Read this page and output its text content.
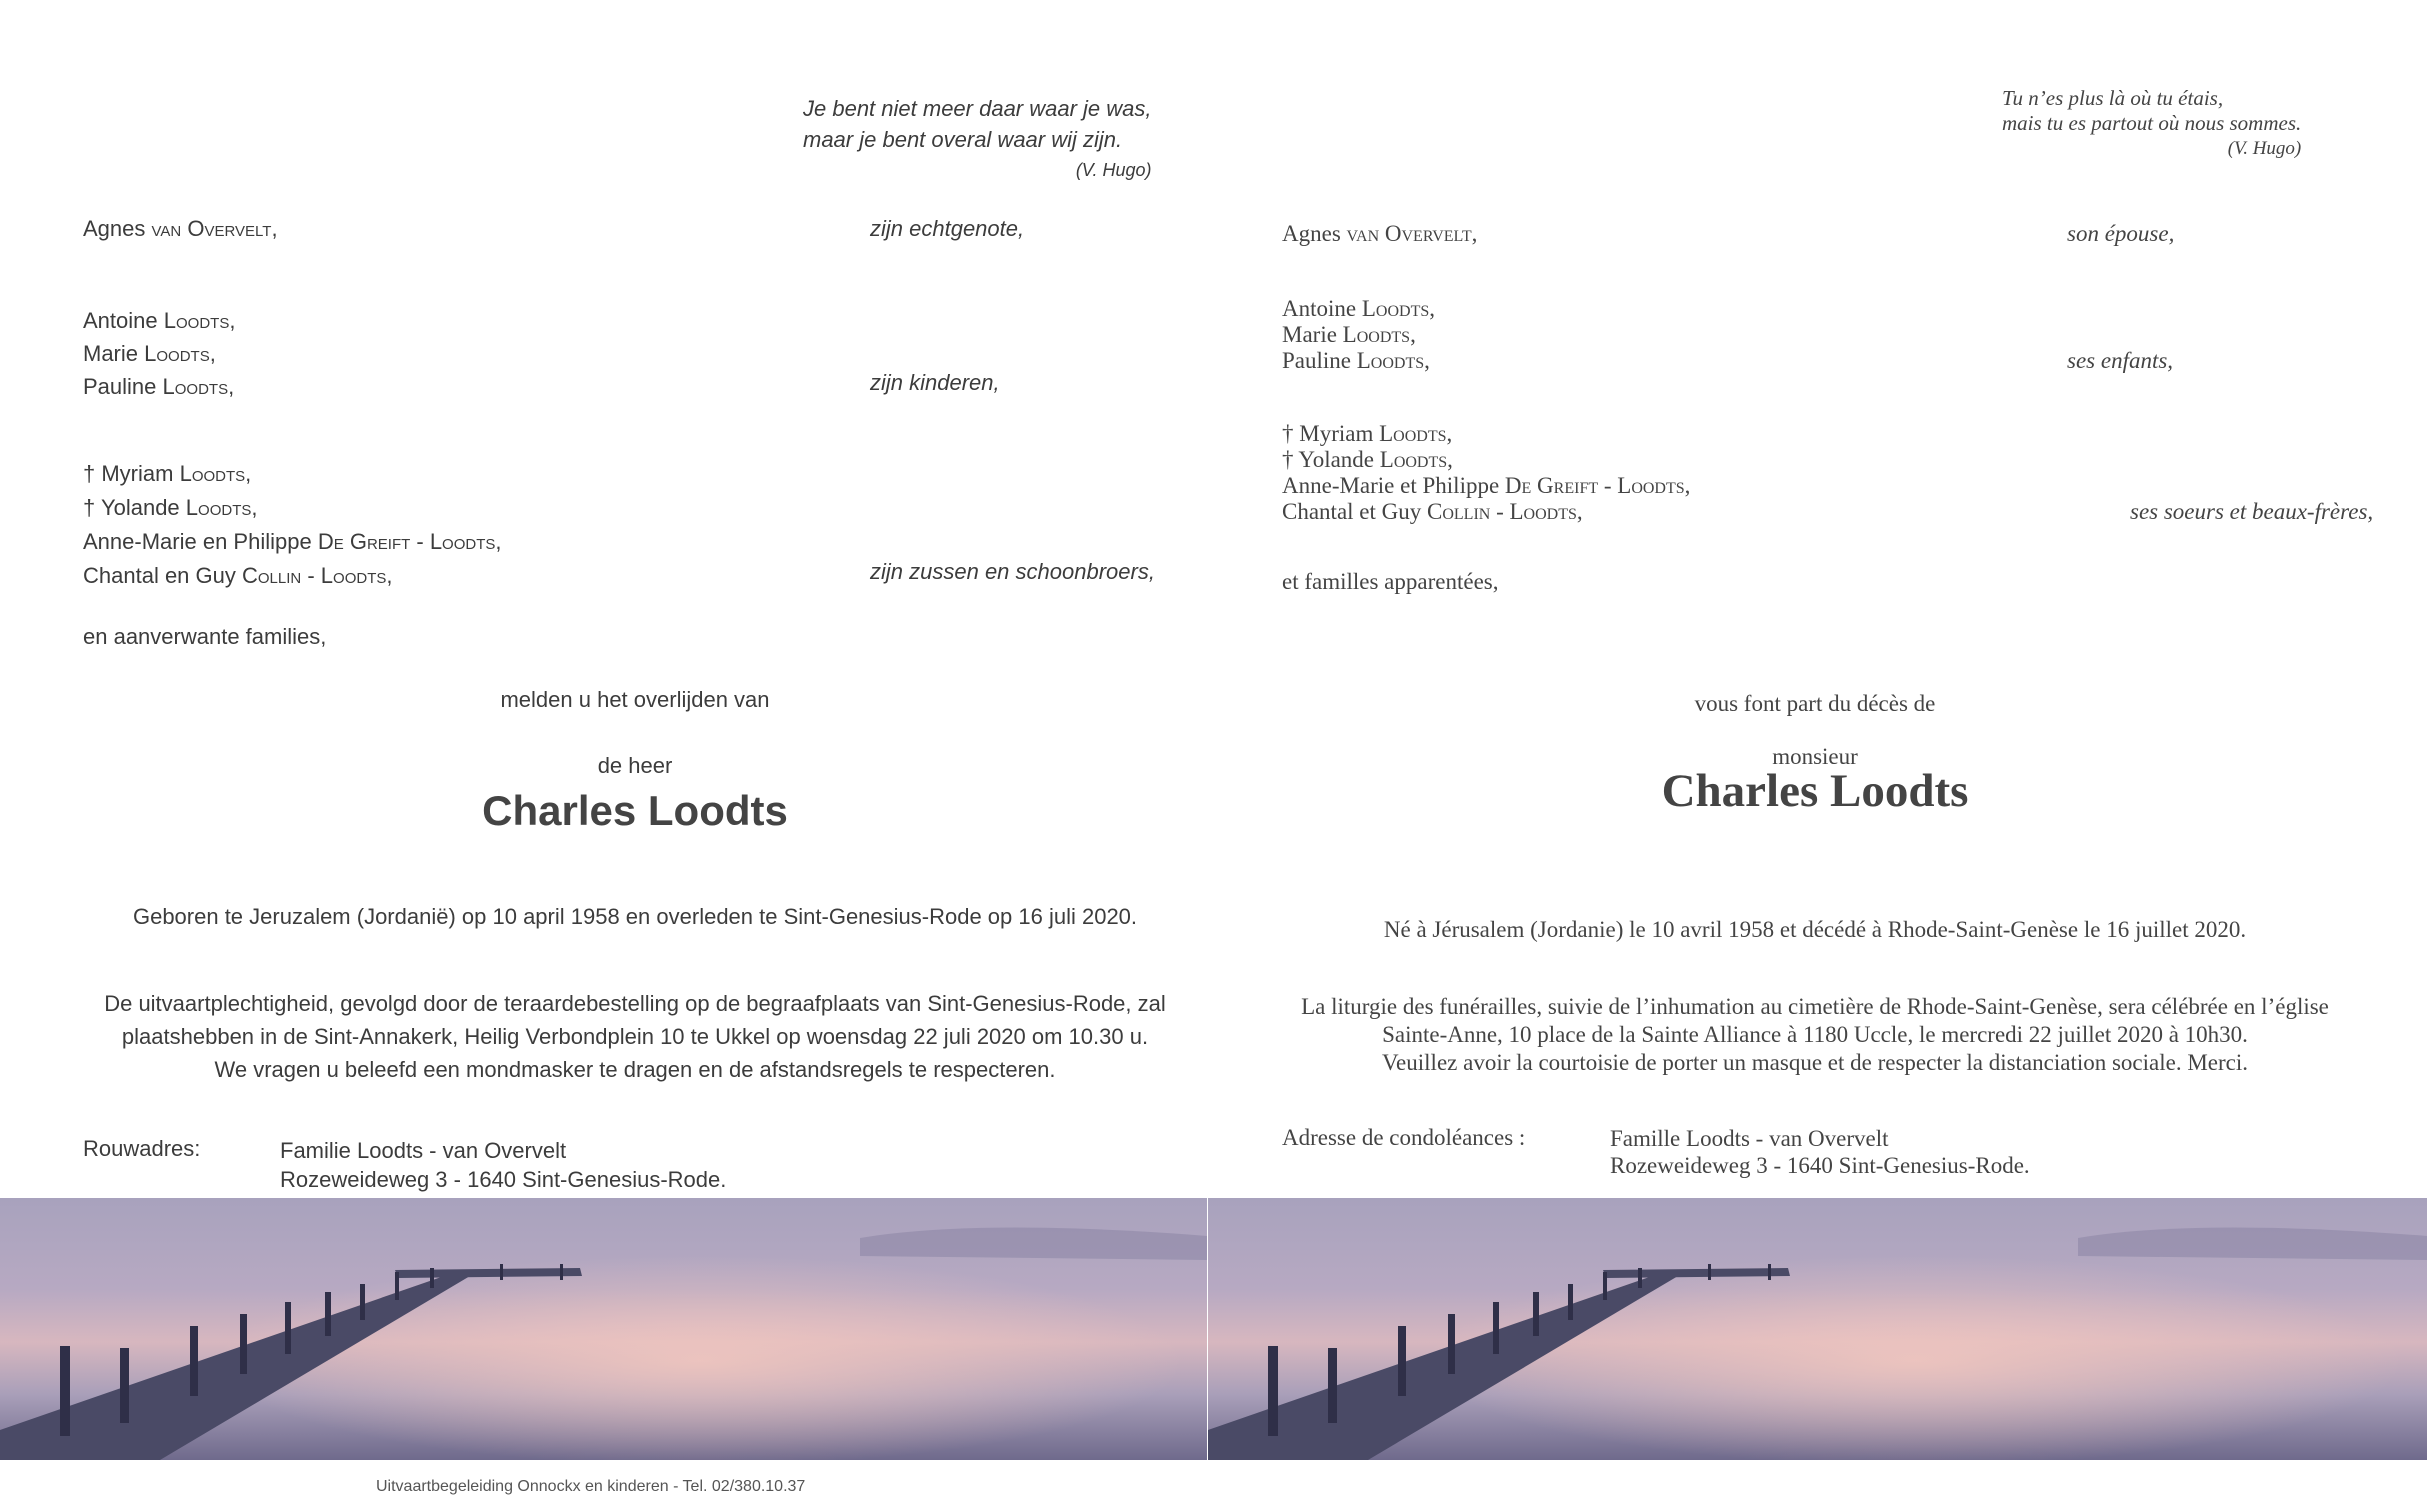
Je bent niet meer daar waar je was,
maar je bent overal waar wij zijn.
(V. Hugo)
Agnes van Overvelt,	zijn echtgenote,
Antoine Loodts,
Marie Loodts,
Pauline Loodts,	zijn kinderen,
† Myriam Loodts,
† Yolande Loodts,
Anne-Marie en Philippe De Greift - Loodts,
Chantal en Guy Collin - Loodts,	zijn zussen en schoonbroers,
en aanverwante families,
melden u het overlijden van
de heer
Charles Loodts
Geboren te Jeruzalem (Jordanië) op 10 april 1958 en overleden te Sint-Genesius-Rode op 16 juli 2020.
De uitvaartplechtigheid, gevolgd door de teraardebestelling op de begraafplaats van Sint-Genesius-Rode, zal
plaatshebben in de Sint-Annakerk, Heilig Verbondplein 10 te Ukkel op woensdag 22 juli 2020 om 10.30 u.
We vragen u beleefd een mondmasker te dragen en de afstandsregels te respecteren.
Rouwadres:	Familie Loodts - van Overvelt
Rozeweideweg 3 - 1640 Sint-Genesius-Rode.
Tu n’es plus là où tu étais,
mais tu es partout où nous sommes.
(V. Hugo)
Agnes van Overvelt,	son épouse,
Antoine Loodts,
Marie Loodts,
Pauline Loodts,	ses enfants,
† Myriam Loodts,
† Yolande Loodts,
Anne-Marie et Philippe De Greift - Loodts,
Chantal et Guy Collin - Loodts,	ses soeurs et beaux-frères,
et familles apparentées,
vous font part du décès de
monsieur
Charles Loodts
Né à Jérusalem (Jordanie) le 10 avril 1958 et décédé à Rhode-Saint-Genèse le 16 juillet 2020.
La liturgie des funérailles, suivie de l’inhumation au cimetière de Rhode-Saint-Genèse, sera célébrée en l’église
Sainte-Anne, 10 place de la Sainte Alliance à 1180 Uccle, le mercredi 22 juillet 2020 à 10h30.
Veuillez avoir la courtoisie de porter un masque et de respecter la distanciation sociale. Merci.
Adresse de condoléances :	Famille Loodts - van Overvelt
Rozeweideweg 3 - 1640 Sint-Genesius-Rode.
Uitvaartbegeleiding Onnockx en kinderen - Tel. 02/380.10.37
